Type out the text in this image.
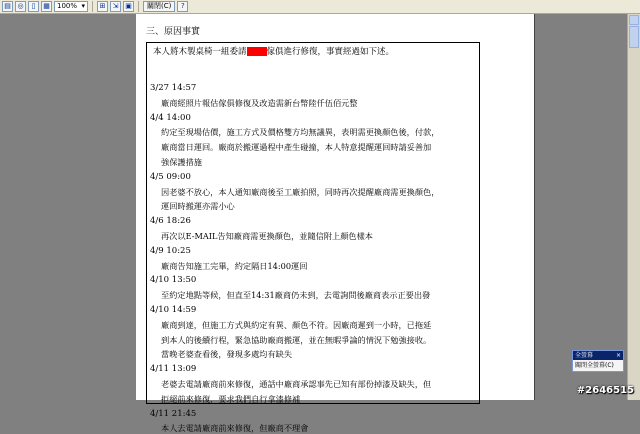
▤ ◎	▯	▦	100% ▾	⊞	⇲ ▣	關閉(C)	?
三、原因事實
本人將木製桌椅一組委請 傢俱進行修復，事實經過如下述。
3/27 14:57
廠商經照片報估傢俱修復及改造需新台幣陸仟伍佰元整
4/4 14:00
約定至現場估價，施工方式及價格雙方均無議異，表明需更換顏色後，付款，
廠商當日運回。廠商於搬運過程中產生碰撞，本人特意提醒運回時請妥善加
強保護措施
4/5 09:00
因老婆不放心，本人通知廠商後至工廠拍照，同時再次提醒廠商需更換顏色，
運回時搬運亦需小心
4/6 18:26
再次以E-MAIL告知廠商需更換顏色，並隨信附上顏色樣本
4/9 10:25
廠商告知施工完畢，約定隔日14:00運回
4/10 13:50
至約定地點等候，但直至14:31廠商仍未到，去電詢問後廠商表示正要出發
4/10 14:59
廠商到達，但施工方式與約定有異、顏色不符。因廠商遲到一小時，已拖延
到本人的後續行程，緊急協助廠商搬運，並在無暇爭論的情況下勉強接收。
當晚老婆查看後，發現多處均有缺失
4/11 13:09
老婆去電請廠商前來修復，通話中廠商承認事先已知有部份掉漆及缺失，但
拒絕前來修復，要求我們自行拿漆修補
4/11 21:45
本人去電請廠商前來修復，但廠商不理會
全螢幕	×
關閉全螢幕(C)
#2646515
